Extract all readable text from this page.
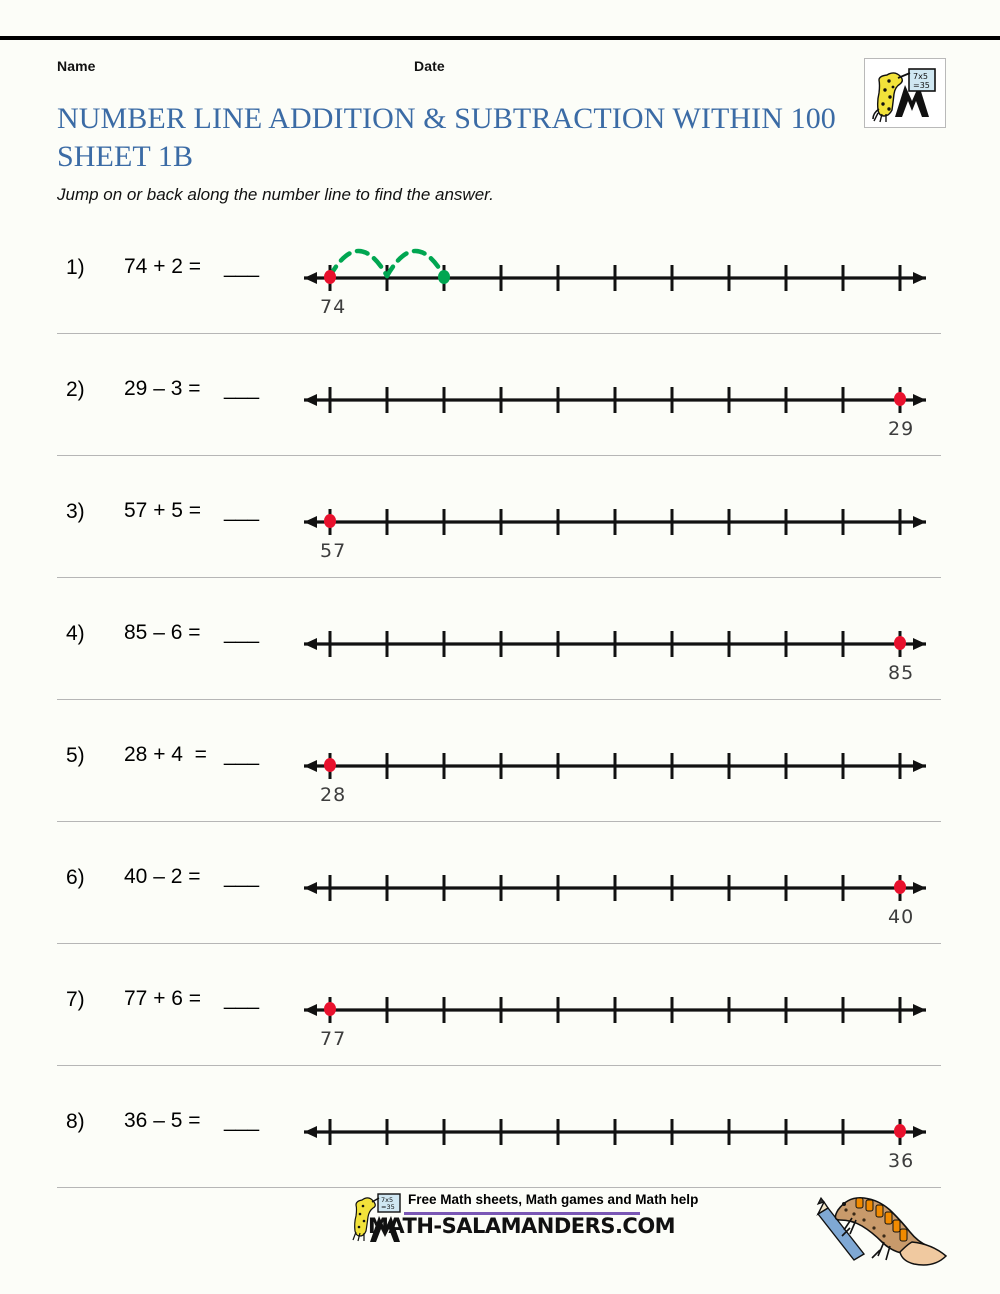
Name	Date
NUMBER LINE ADDITION & SUBTRACTION WITHIN 100 SHEET 1B
Jump on or back along the number line to find the answer.
7x5
=35
1) 74 + 2 = ___
74
2) 29 – 3 = ___
29
3) 57 + 5 = ___
57
4) 85 – 6 = ___
85
5) 28 + 4  = ___
28
6) 40 – 2 = ___
40
7) 77 + 6 = ___
77
8) 36 – 5 = ___
36
7x5
=35 Free Math sheets, Math games and Math help
MATH-SALAMANDERS.COM
